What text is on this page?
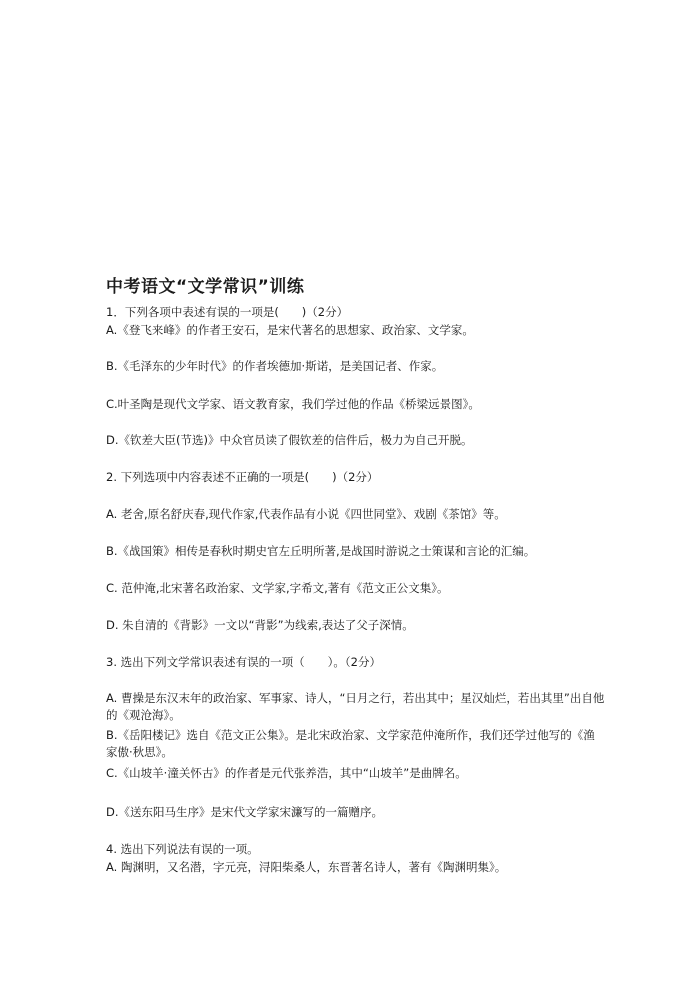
中考语文“文学常识”训练
1．下列各项中表述有误的一项是(　　)（2分）
A.《登飞来峰》的作者王安石，是宋代著名的思想家、政治家、文学家。
B.《毛泽东的少年时代》的作者埃德加·斯诺，是美国记者、作家。
C.叶圣陶是现代文学家、语文教育家，我们学过他的作品《桥梁远景图》。
D.《钦差大臣(节选)》中众官员读了假钦差的信件后，极力为自己开脱。
2. 下列选项中内容表述不正确的一项是(　　)（2分）
A. 老舍,原名舒庆春,现代作家,代表作品有小说《四世同堂》、戏剧《茶馆》等。
B.《战国策》相传是春秋时期史官左丘明所著,是战国时游说之士策谋和言论的汇编。
C. 范仲淹,北宋著名政治家、文学家,字希文,著有《范文正公文集》。
D. 朱自清的《背影》一文以“背影”为线索,表达了父子深情。
3. 选出下列文学常识表述有误的一项（　　）。（2分）
A. 曹操是东汉末年的政治家、军事家、诗人，“日月之行，若出其中；星汉灿烂，若出其里”出自他的《观沧海》。
B.《岳阳楼记》选自《范文正公集》。是北宋政治家、文学家范仲淹所作，我们还学过他写的《渔家傲·秋思》。
C.《山坡羊·潼关怀古》的作者是元代张养浩，其中“山坡羊”是曲牌名。
D.《送东阳马生序》是宋代文学家宋濂写的一篇赠序。
4. 选出下列说法有误的一项。
A. 陶渊明，又名潜，字元亮，浔阳柴桑人，东晋著名诗人，著有《陶渊明集》。
